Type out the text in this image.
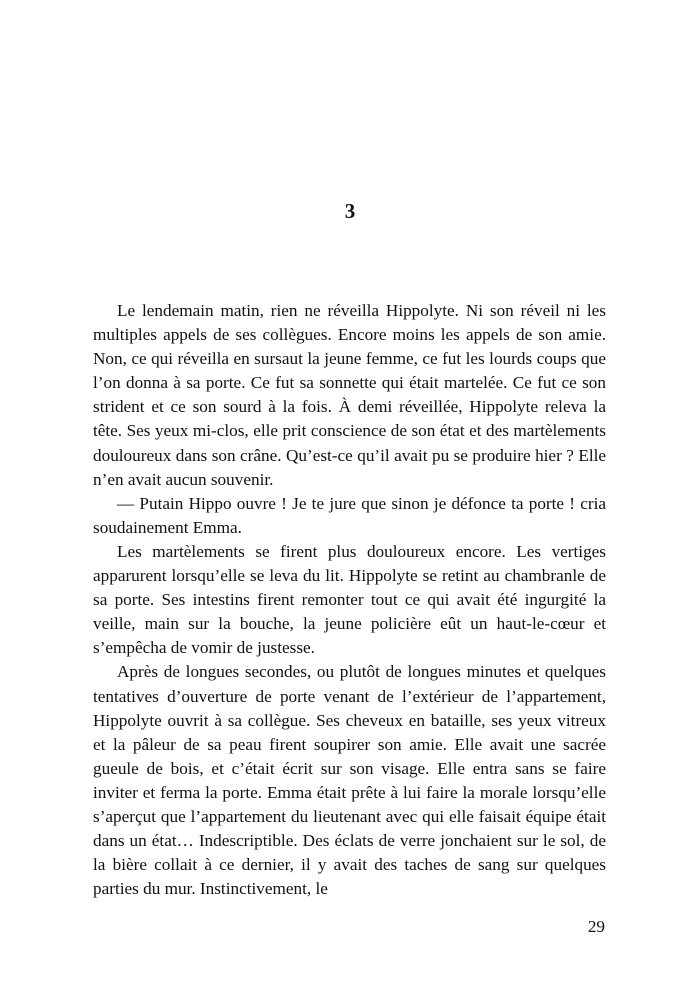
3

Le lendemain matin, rien ne réveilla Hippolyte. Ni son réveil ni les multiples appels de ses collègues. Encore moins les appels de son amie. Non, ce qui réveilla en sursaut la jeune femme, ce fut les lourds coups que l’on donna à sa porte. Ce fut sa sonnette qui était martelée. Ce fut ce son strident et ce son sourd à la fois. À demi réveillée, Hippolyte releva la tête. Ses yeux mi-clos, elle prit conscience de son état et des martèlements douloureux dans son crâne. Qu’est-ce qu’il avait pu se produire hier ? Elle n’en avait aucun souvenir.

— Putain Hippo ouvre ! Je te jure que sinon je défonce ta porte ! cria soudainement Emma.

Les martèlements se firent plus douloureux encore. Les vertiges apparurent lorsqu’elle se leva du lit. Hippolyte se retint au chambranle de sa porte. Ses intestins firent remonter tout ce qui avait été ingurgité la veille, main sur la bouche, la jeune policière eût un haut-le-cœur et s’empêcha de vomir de justesse.

Après de longues secondes, ou plutôt de longues minutes et quelques tentatives d’ouverture de porte venant de l’extérieur de l’appartement, Hippolyte ouvrit à sa collègue. Ses cheveux en bataille, ses yeux vitreux et la pâleur de sa peau firent soupirer son amie. Elle avait une sacrée gueule de bois, et c’était écrit sur son visage. Elle entra sans se faire inviter et ferma la porte. Emma était prête à lui faire la morale lorsqu’elle s’aperçut que l’appartement du lieutenant avec qui elle faisait équipe était dans un état… Indescriptible. Des éclats de verre jonchaient sur le sol, de la bière collait à ce dernier, il y avait des taches de sang sur quelques parties du mur. Instinctivement, le

29
